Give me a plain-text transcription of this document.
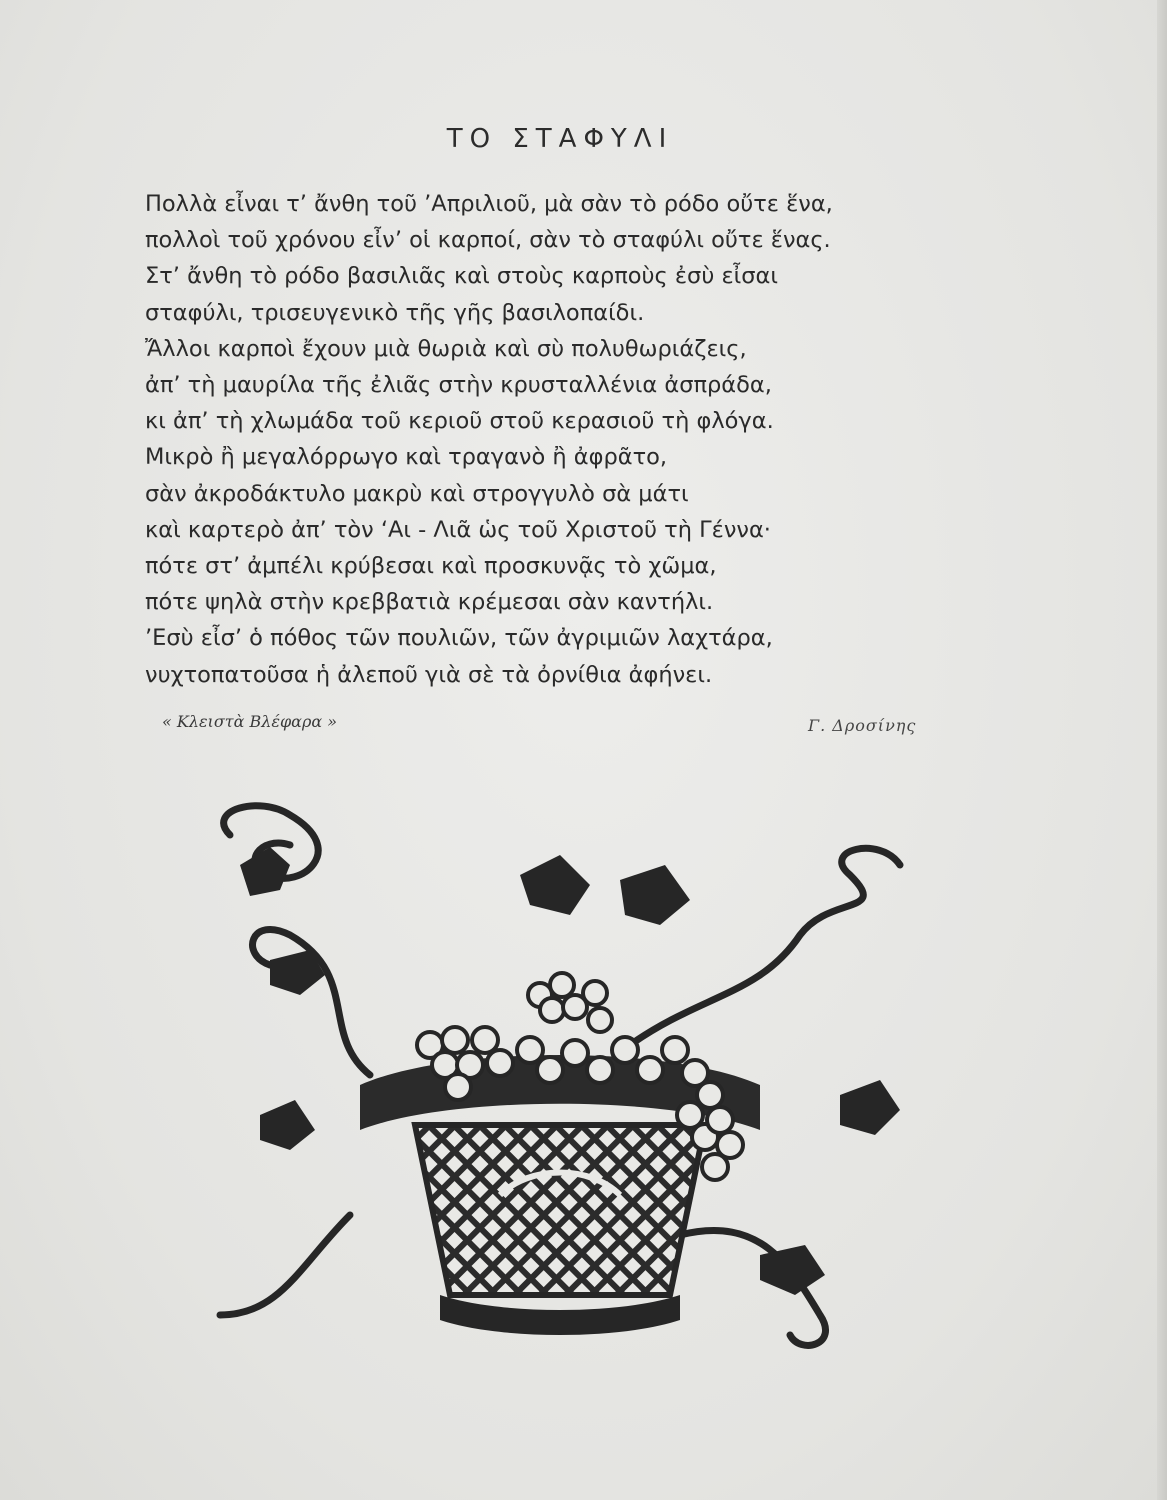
ΤΟ ΣΤΑΦΥΛΙ
Πολλὰ εἶναι τ’ ἄνθη τοῦ ’Απριλιοῦ, μὰ σὰν τὸ ρόδο οὔτε ἕνα,
πολλοὶ τοῦ χρόνου εἶν’ οἱ καρποί, σὰν τὸ σταφύλι οὔτε ἕνας.
Στ’ ἄνθη τὸ ρόδο βασιλιᾶς καὶ στοὺς καρποὺς ἐσὺ εἶσαι
σταφύλι, τρισευγενικὸ τῆς γῆς βασιλοπαίδι.
Ἄλλοι καρποὶ ἔχουν μιὰ θωριὰ καὶ σὺ πολυθωριάζεις,
ἀπ’ τὴ μαυρίλα τῆς ἐλιᾶς στὴν κρυσταλλένια ἀσπράδα,
κι ἀπ’ τὴ χλωμάδα τοῦ κεριοῦ στοῦ κερασιοῦ τὴ φλόγα.
Μικρὸ ἢ μεγαλόρρωγο καὶ τραγανὸ ἢ ἀφρᾶτο,
σὰν ἀκροδάκτυλο μακρὺ καὶ στρογγυλὸ σὰ μάτι
καὶ καρτερὸ ἀπ’ τὸν ‘Αι - Λιᾶ ὡς τοῦ Χριστοῦ τὴ Γέννα·
πότε στ’ ἀμπέλι κρύβεσαι καὶ προσκυνᾷς τὸ χῶμα,
πότε ψηλὰ στὴν κρεββατιὰ κρέμεσαι σὰν καντήλι.
’Εσὺ εἶσ’ ὁ πόθος τῶν πουλιῶν, τῶν ἀγριμιῶν λαχτάρα,
νυχτοπατοῦσα ἡ ἀλεποῦ γιὰ σὲ τὰ ὀρνίθια ἀφήνει.
« Κλειστὰ Βλέφαρα »	Γ. Δροσίνης
